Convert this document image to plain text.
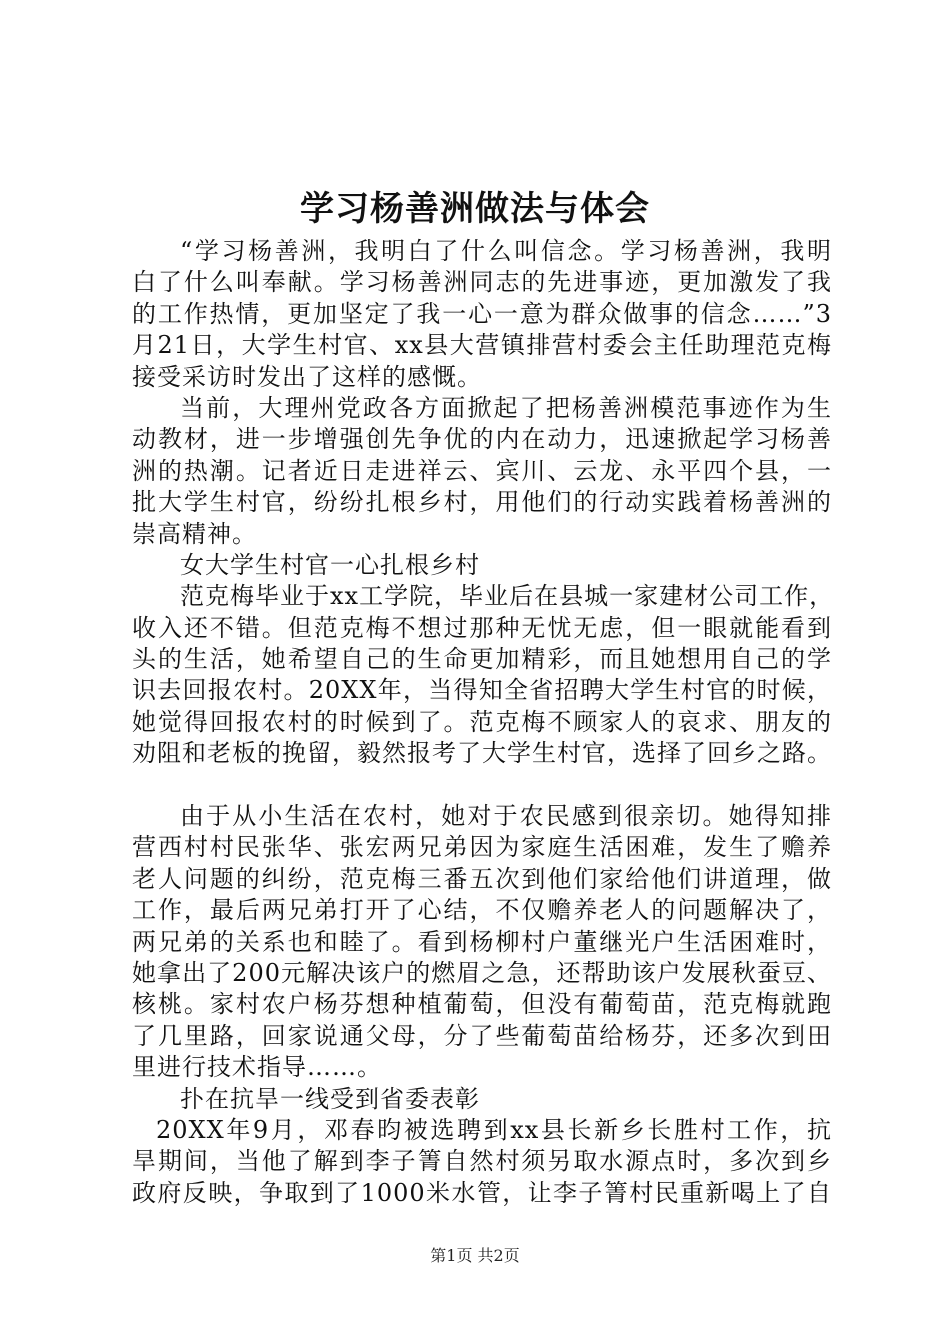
学习杨善洲做法与体会
“学习杨善洲，我明白了什么叫信念。学习杨善洲，我明
白了什么叫奉献。学习杨善洲同志的先进事迹，更加激发了我
的工作热情，更加坚定了我一心一意为群众做事的信念……”3
月21日，大学生村官、xx县大营镇排营村委会主任助理范克梅
接受采访时发出了这样的感慨。
当前，大理州党政各方面掀起了把杨善洲模范事迹作为生
动教材，进一步增强创先争优的内在动力，迅速掀起学习杨善
洲的热潮。记者近日走进祥云、宾川、云龙、永平四个县，一
批大学生村官，纷纷扎根乡村，用他们的行动实践着杨善洲的
崇高精神。
女大学生村官一心扎根乡村
范克梅毕业于xx工学院，毕业后在县城一家建材公司工作，
收入还不错。但范克梅不想过那种无忧无虑，但一眼就能看到
头的生活，她希望自己的生命更加精彩，而且她想用自己的学
识去回报农村。20XX年，当得知全省招聘大学生村官的时候，
她觉得回报农村的时候到了。范克梅不顾家人的哀求、朋友的
劝阻和老板的挽留，毅然报考了大学生村官，选择了回乡之路。
由于从小生活在农村，她对于农民感到很亲切。她得知排
营西村村民张华、张宏两兄弟因为家庭生活困难，发生了赡养
老人问题的纠纷，范克梅三番五次到他们家给他们讲道理，做
工作，最后两兄弟打开了心结，不仅赡养老人的问题解决了，
两兄弟的关系也和睦了。看到杨柳村户董继光户生活困难时，
她拿出了200元解决该户的燃眉之急，还帮助该户发展秋蚕豆、
核桃。家村农户杨芬想种植葡萄，但没有葡萄苗，范克梅就跑
了几里路，回家说通父母，分了些葡萄苗给杨芬，还多次到田
里进行技术指导……。
扑在抗旱一线受到省委表彰
20XX年9月，邓春昀被选聘到xx县长新乡长胜村工作，抗
旱期间，当他了解到李子箐自然村须另取水源点时，多次到乡
政府反映，争取到了1000米水管，让李子箐村民重新喝上了自
第1页 共2页
